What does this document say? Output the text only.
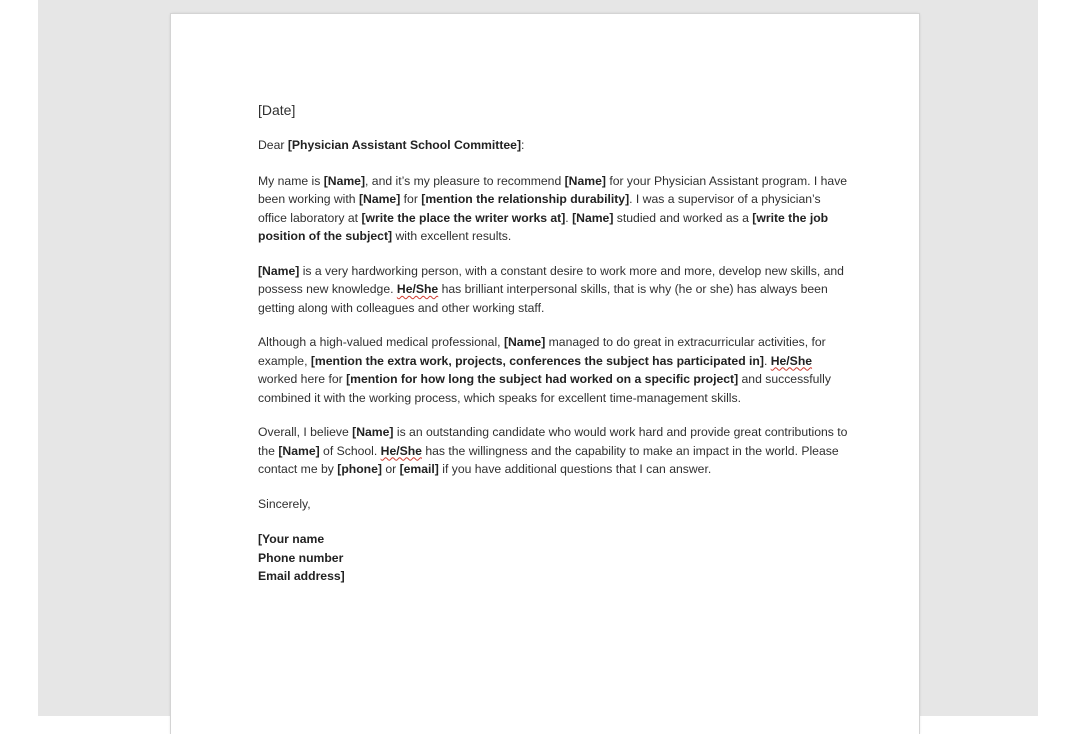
[Date]

Dear [Physician Assistant School Committee]:

My name is [Name], and it’s my pleasure to recommend [Name] for your Physician Assistant program. I have been working with [Name] for [mention the relationship durability]. I was a supervisor of a physician’s office laboratory at [write the place the writer works at]. [Name] studied and worked as a [write the job position of the subject] with excellent results.

[Name] is a very hardworking person, with a constant desire to work more and more, develop new skills, and possess new knowledge. He/She has brilliant interpersonal skills, that is why (he or she) has always been getting along with colleagues and other working staff.

Although a high-valued medical professional, [Name] managed to do great in extracurricular activities, for example, [mention the extra work, projects, conferences the subject has participated in]. He/She worked here for [mention for how long the subject had worked on a specific project] and successfully combined it with the working process, which speaks for excellent time-management skills.

Overall, I believe [Name] is an outstanding candidate who would work hard and provide great contributions to the [Name] of School. He/She has the willingness and the capability to make an impact in the world. Please contact me by [phone] or [email] if you have additional questions that I can answer.

Sincerely,

[Your name
Phone number
Email address]
